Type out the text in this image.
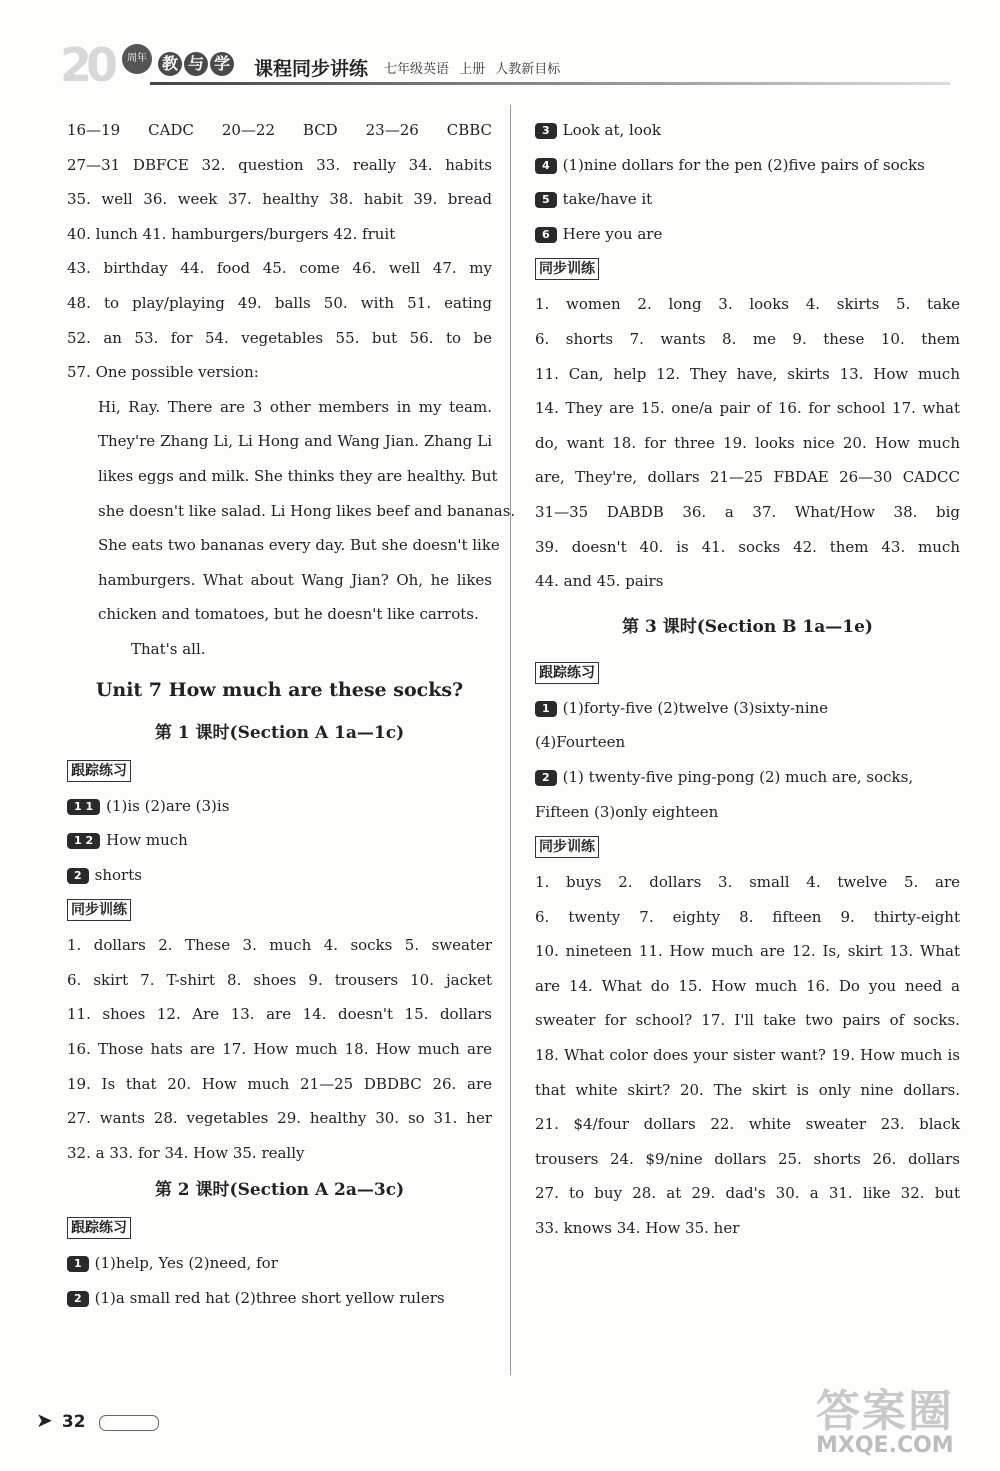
20	周年 教 与 学	课程同步讲练 七年级英语 上册 人教新目标
16—19 CADC 20—22 BCD 23—26 CBBC
27—31 DBFCE 32. question 33. really 34. habits
35. well 36. week 37. healthy 38. habit 39. bread
40. lunch 41. hamburgers/burgers 42. fruit
43. birthday 44. food 45. come 46. well 47. my
48. to play/playing 49. balls 50. with 51. eating
52. an 53. for 54. vegetables 55. but 56. to be
57. One possible version:
Hi, Ray. There are 3 other members in my team.
They're Zhang Li, Li Hong and Wang Jian. Zhang Li
likes eggs and milk. She thinks they are healthy. But
she doesn't like salad. Li Hong likes beef and bananas.
She eats two bananas every day. But she doesn't like
hamburgers. What about Wang Jian? Oh, he likes
chicken and tomatoes, but he doesn't like carrots.
That's all.
Unit 7 How much are these socks?
第 1 课时(Section A 1a—1c)
跟踪练习
1 1 (1)is (2)are (3)is
1 2 How much
2 shorts
同步训练
1. dollars 2. These 3. much 4. socks 5. sweater
6. skirt 7. T-shirt 8. shoes 9. trousers 10. jacket
11. shoes 12. Are 13. are 14. doesn't 15. dollars
16. Those hats are 17. How much 18. How much are
19. Is that 20. How much 21—25 DBDBC 26. are
27. wants 28. vegetables 29. healthy 30. so 31. her
32. a 33. for 34. How 35. really
第 2 课时(Section A 2a—3c)
跟踪练习
1 (1)help, Yes (2)need, for
2 (1)a small red hat (2)three short yellow rulers
3 Look at, look
4 (1)nine dollars for the pen (2)five pairs of socks
5 take/have it
6 Here you are
同步训练
1. women 2. long 3. looks 4. skirts 5. take
6. shorts 7. wants 8. me 9. these 10. them
11. Can, help 12. They have, skirts 13. How much
14. They are 15. one/a pair of 16. for school 17. what
do, want 18. for three 19. looks nice 20. How much
are, They're, dollars 21—25 FBDAE 26—30 CADCC
31—35 DABDB 36. a 37. What/How 38. big
39. doesn't 40. is 41. socks 42. them 43. much
44. and 45. pairs
第 3 课时(Section B 1a—1e)
跟踪练习
1 (1)forty-five (2)twelve (3)sixty-nine
(4)Fourteen
2 (1) twenty-five ping-pong (2) much are, socks,
Fifteen (3)only eighteen
同步训练
1. buys 2. dollars 3. small 4. twelve 5. are
6. twenty 7. eighty 8. fifteen 9. thirty-eight
10. nineteen 11. How much are 12. Is, skirt 13. What
are 14. What do 15. How much 16. Do you need a
sweater for school? 17. I'll take two pairs of socks.
18. What color does your sister want? 19. How much is
that white skirt? 20. The skirt is only nine dollars.
21. $4/four dollars 22. white sweater 23. black
trousers 24. $9/nine dollars 25. shorts 26. dollars
27. to buy 28. at 29. dad's 30. a 31. like 32. but
33. knows 34. How 35. her
➤ 32	答案圈
MXQE.COM
